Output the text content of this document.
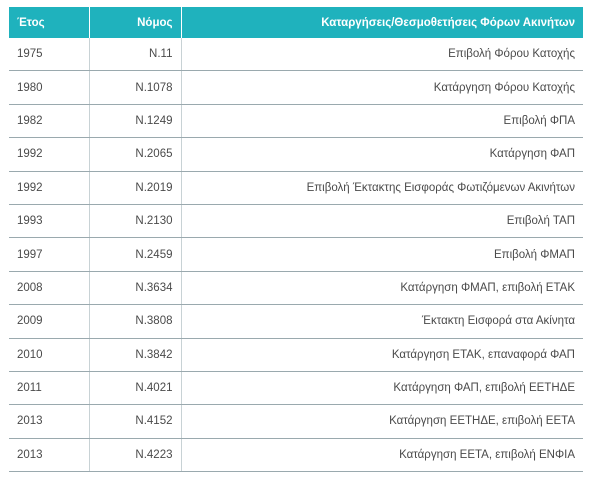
Έτος	Νόμος	Καταργήσεις/Θεσμοθετήσεις Φόρων Ακινήτων
1975	Ν.11	Επιβολή Φόρου Κατοχής
1980	Ν.1078	Κατάργηση Φόρου Κατοχής
1982	Ν.1249	Επιβολή ΦΠΑ
1992	Ν.2065	Κατάργηση ΦΑΠ
1992	Ν.2019	Επιβολή Έκτακτης Εισφοράς Φωτιζόμενων Ακινήτων
1993	Ν.2130	Επιβολή ΤΑΠ
1997	Ν.2459	Επιβολή ΦΜΑΠ
2008	Ν.3634	Κατάργηση ΦΜΑΠ, επιβολή ΕΤΑΚ
2009	Ν.3808	Έκτακτη Εισφορά στα Ακίνητα
2010	Ν.3842	Κατάργηση ΕΤΑΚ, επαναφορά ΦΑΠ
2011	Ν.4021	Κατάργηση ΦΑΠ, επιβολή ΕΕΤΗΔΕ
2013	Ν.4152	Κατάργηση ΕΕΤΗΔΕ, επιβολή ΕΕΤΑ
2013	Ν.4223	Κατάργηση ΕΕΤΑ, επιβολή ΕΝΦΙΑ
